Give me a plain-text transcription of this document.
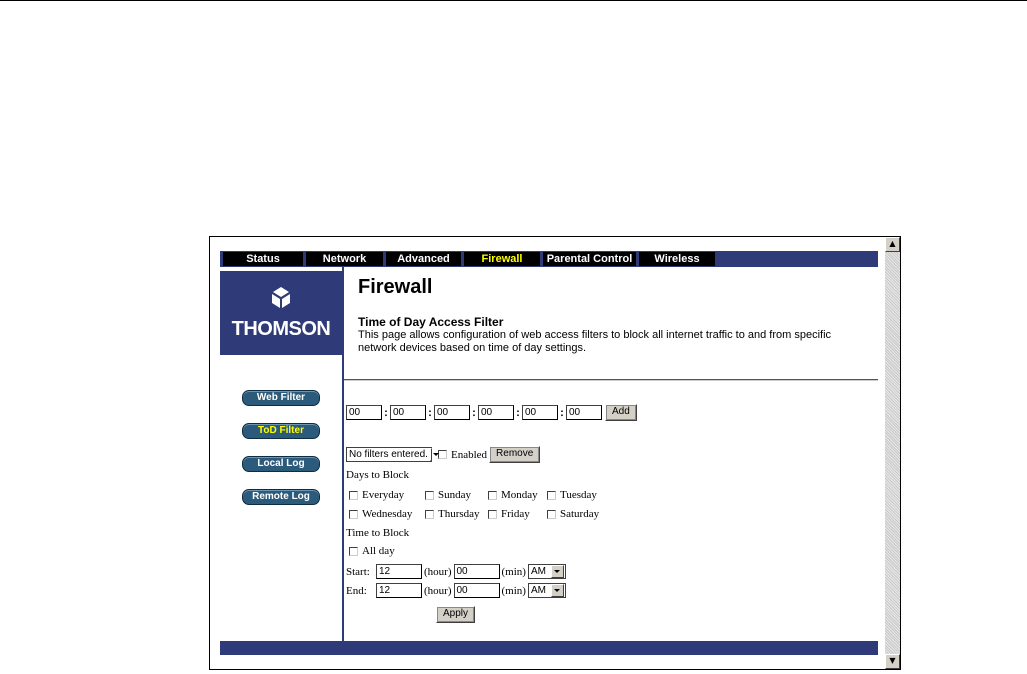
Status	Network	Advanced	Firewall	Parental Control	Wireless
THOMSON
Web Filter
ToD Filter
Local Log
Remote Log
Firewall
Time of Day Access Filter
This page allows configuration of web access filters to block all internet traffic to and from specific network devices based on time of day settings.
00	: 00	: 00	: 00	: 00	: 00	Add
No filters entered. Enabled Remove
Days to Block
Everyday	Sunday	Monday Tuesday
Wednesday Thursday Friday	Saturday
Time to Block
All day
Start: 12	(hour) 00	(min) AM
End:	12	(hour) 00	(min) AM
Apply
▲
▼
